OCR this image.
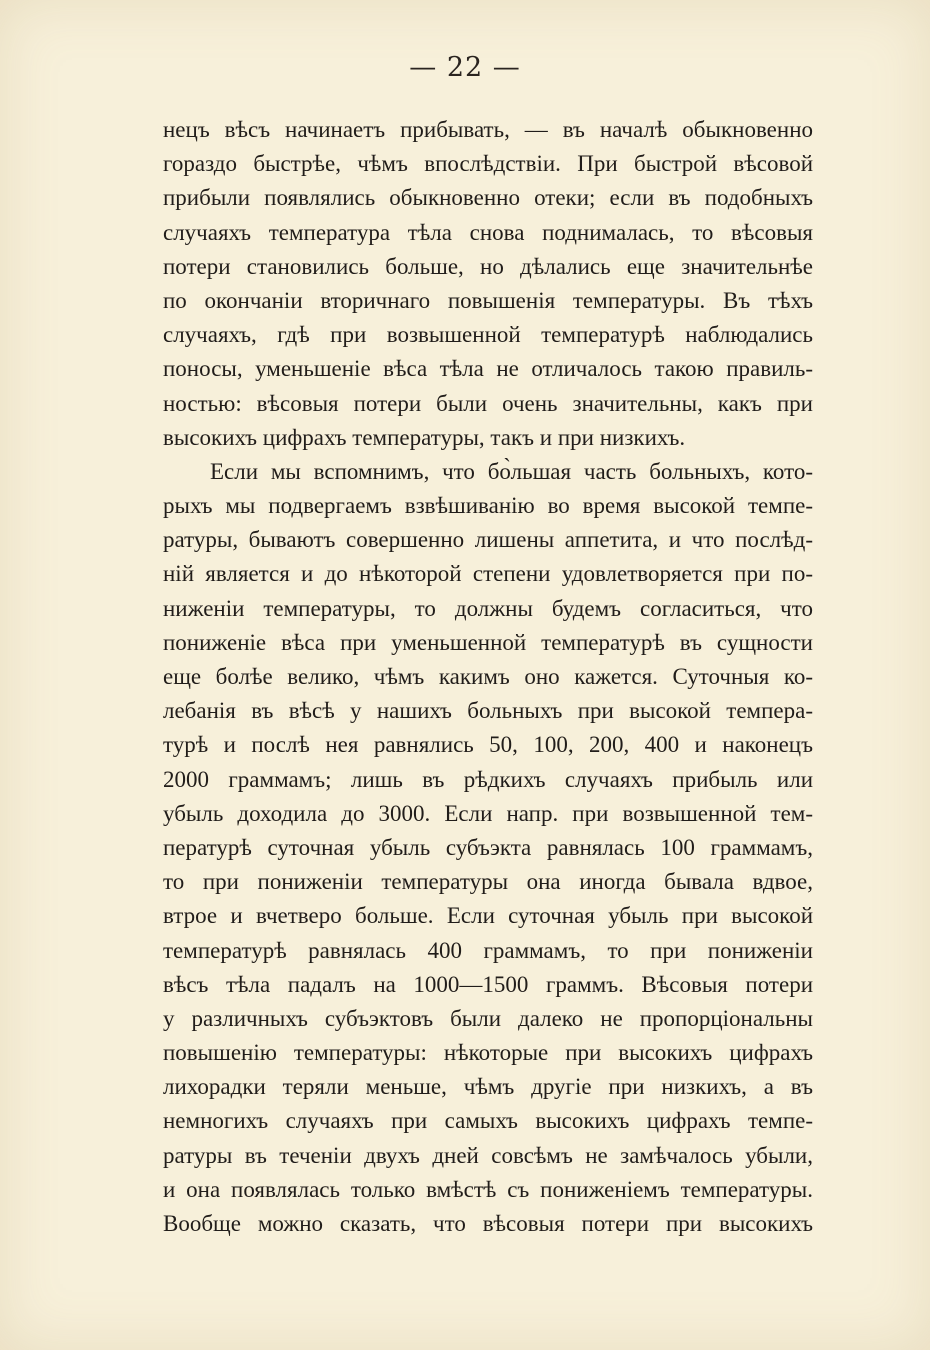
— 22 —
нецъ вѣсъ начинаетъ прибывать, — въ началѣ обыкновенно
гораздо быстрѣе, чѣмъ впослѣдствіи. При быстрой вѣсовой
прибыли появлялись обыкновенно отеки; если въ подобныхъ
случаяхъ температура тѣла снова поднималась, то вѣсовыя
потери становились больше, но дѣлались еще значительнѣе
по окончаніи вторичнаго повышенія температуры. Въ тѣхъ
случаяхъ, гдѣ при возвышенной температурѣ наблюдались
поносы, уменьшеніе вѣса тѣла не отличалось такою правиль-
ностью: вѣсовыя потери были очень значительны, какъ при
высокихъ цифрахъ температуры, такъ и при низкихъ.
Если мы вспомнимъ, что бо̀льшая часть больныхъ, кото-
рыхъ мы подвергаемъ взвѣшиванію во время высокой темпе-
ратуры, бываютъ совершенно лишены аппетита, и что послѣд-
ній является и до нѣкоторой степени удовлетворяется при по-
ниженіи температуры, то должны будемъ согласиться, что
пониженіе вѣса при уменьшенной температурѣ въ сущности
еще болѣе велико, чѣмъ какимъ оно кажется. Суточныя ко-
лебанія въ вѣсѣ у нашихъ больныхъ при высокой темпера-
турѣ и послѣ нея равнялись 50, 100, 200, 400 и наконецъ
2000 граммамъ; лишь въ рѣдкихъ случаяхъ прибыль или
убыль доходила до 3000. Если напр. при возвышенной тем-
пературѣ суточная убыль субъэкта равнялась 100 граммамъ,
то при пониженіи температуры она иногда бывала вдвое,
втрое и вчетверо больше. Если суточная убыль при высокой
температурѣ равнялась 400 граммамъ, то при пониженіи
вѣсъ тѣла падалъ на 1000—1500 граммъ. Вѣсовыя потери
у различныхъ субъэктовъ были далеко не пропорціональны
повышенію температуры: нѣкоторые при высокихъ цифрахъ
лихорадки теряли меньше, чѣмъ другіе при низкихъ, а въ
немногихъ случаяхъ при самыхъ высокихъ цифрахъ темпе-
ратуры въ теченіи двухъ дней совсѣмъ не замѣчалось убыли,
и она появлялась только вмѣстѣ съ пониженіемъ температуры.
Вообще можно сказать, что вѣсовыя потери при высокихъ
